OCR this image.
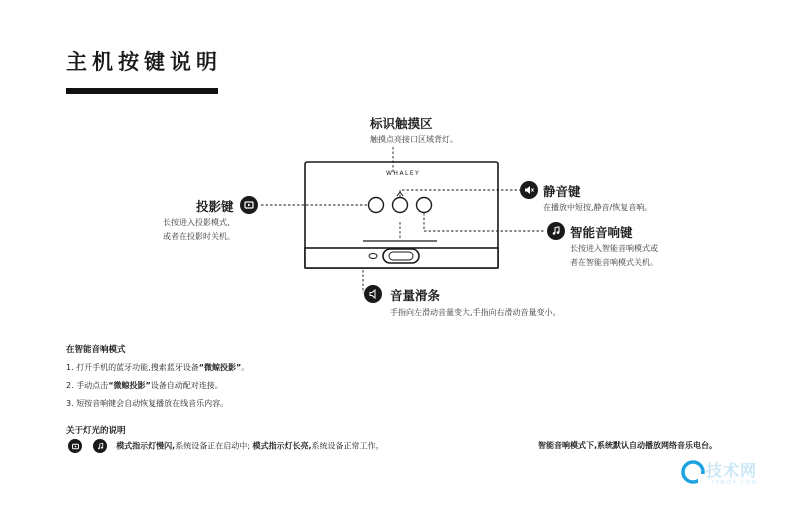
主机按键说明
WHALEY
标识触摸区
触摸点亮接口区域背灯。
投影键
长按进入投影模式,
或者在投影时关机。
静音键
在播放中短按,静音/恢复音响。
智能音响键
长按进入智能音响模式或
者在智能音响模式关机。
音量滑条
手指向左滑动音量变大,手指向右滑动音量变小。
在智能音响模式
1. 打开手机的蓝牙功能,搜索蓝牙设备“微鲸投影”。
2. 手动点击“微鲸投影”设备自动配对连接。
3. 短按音响键会自动恢复播放在线音乐内容。
关于灯光的说明

模式指示灯慢闪,系统设备正在启动中; 模式指示灯长亮,系统设备正常工作。	智能音响模式下,系统默认自动播放网络音乐电台。
技术网
ITMOP.COM
